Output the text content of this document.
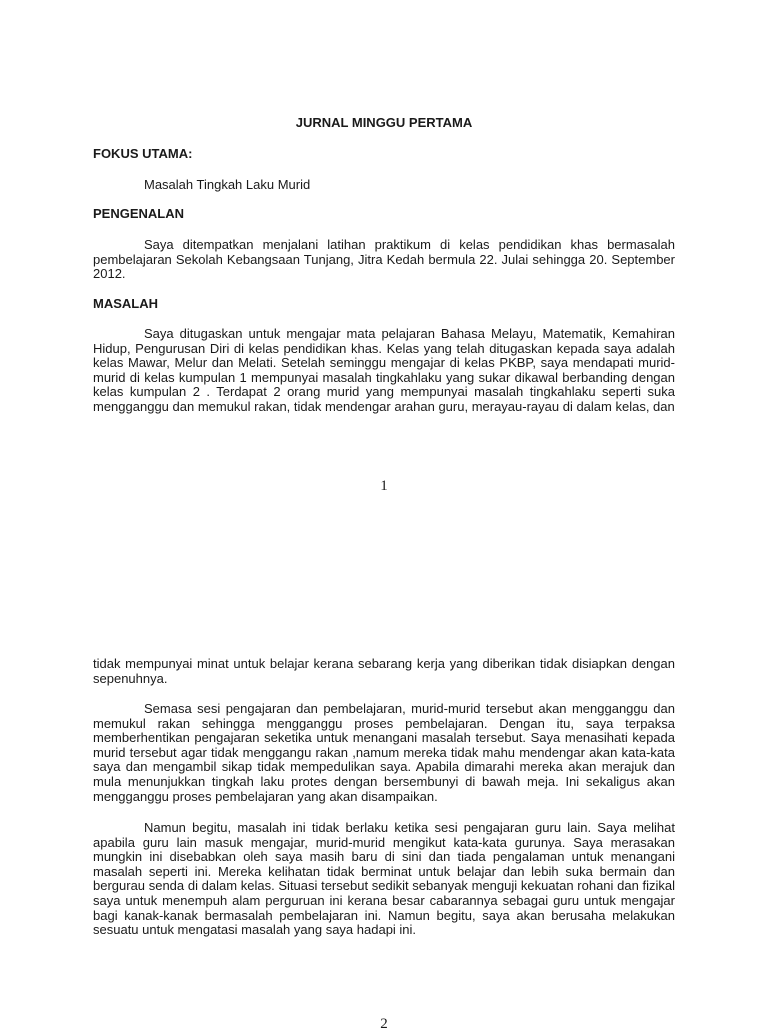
JURNAL MINGGU PERTAMA
FOKUS UTAMA:
Masalah Tingkah Laku Murid
PENGENALAN
Saya ditempatkan menjalani latihan praktikum di kelas pendidikan khas bermasalah pembelajaran Sekolah Kebangsaan Tunjang, Jitra Kedah bermula 22. Julai sehingga 20. September 2012.
MASALAH
Saya ditugaskan untuk mengajar mata pelajaran Bahasa Melayu, Matematik, Kemahiran Hidup, Pengurusan Diri di kelas pendidikan khas. Kelas yang telah ditugaskan kepada saya adalah kelas Mawar, Melur dan Melati. Setelah seminggu mengajar di kelas PKBP, saya mendapati murid-murid di kelas kumpulan 1 mempunyai masalah tingkahlaku yang sukar dikawal berbanding dengan kelas kumpulan 2 . Terdapat 2 orang murid yang mempunyai masalah tingkahlaku seperti suka mengganggu dan memukul rakan, tidak mendengar arahan guru, merayau-rayau di dalam kelas, dan
1
tidak mempunyai minat untuk belajar kerana sebarang kerja yang diberikan tidak disiapkan dengan sepenuhnya.
Semasa sesi pengajaran dan pembelajaran, murid-murid tersebut akan mengganggu dan memukul rakan sehingga mengganggu proses pembelajaran. Dengan itu, saya terpaksa memberhentikan pengajaran seketika untuk menangani masalah tersebut. Saya menasihati kepada murid tersebut agar tidak menggangu rakan ,namum mereka tidak mahu mendengar akan kata-kata saya dan mengambil sikap tidak mempedulikan saya. Apabila dimarahi mereka akan merajuk dan mula menunjukkan tingkah laku protes dengan bersembunyi di bawah meja. Ini sekaligus akan mengganggu proses pembelajaran yang akan disampaikan.
Namun begitu, masalah ini tidak berlaku ketika sesi pengajaran guru lain. Saya melihat apabila guru lain masuk mengajar, murid-murid mengikut kata-kata gurunya. Saya merasakan mungkin ini disebabkan oleh saya masih baru di sini dan tiada pengalaman untuk menangani masalah seperti ini. Mereka kelihatan tidak berminat untuk belajar dan lebih suka bermain dan bergurau senda di dalam kelas. Situasi tersebut sedikit sebanyak menguji kekuatan rohani dan fizikal saya untuk menempuh alam perguruan ini kerana besar cabarannya sebagai guru untuk mengajar bagi kanak-kanak bermasalah pembelajaran ini. Namun begitu, saya akan berusaha melakukan sesuatu untuk mengatasi masalah yang saya hadapi ini.
2
